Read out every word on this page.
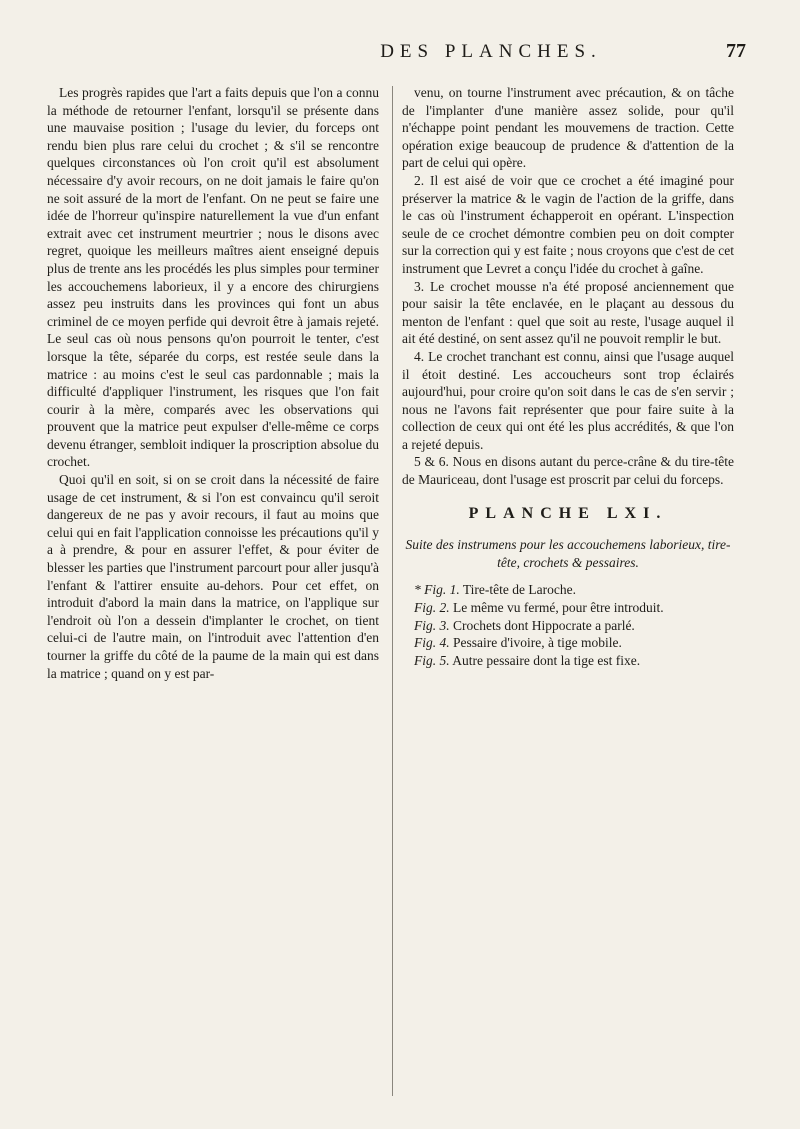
DES PLANCHES.	77

Les progrès rapides que l'art a faits depuis que l'on a connu la méthode de retourner l'enfant, lorsqu'il se présente dans une mauvaise position ; l'usage du levier, du forceps ont rendu bien plus rare celui du crochet ; & s'il se rencontre quelques circonstances où l'on croit qu'il est absolument nécessaire d'y avoir recours, on ne doit jamais le faire qu'on ne soit assuré de la mort de l'enfant. On ne peut se faire une idée de l'horreur qu'inspire naturellement la vue d'un enfant extrait avec cet instrument meurtrier ; nous le disons avec regret, quoique les meilleurs maîtres aient enseigné depuis plus de trente ans les procédés les plus simples pour terminer les accouchemens laborieux, il y a encore des chirurgiens assez peu instruits dans les provinces qui font un abus criminel de ce moyen perfide qui devroit être à jamais rejeté. Le seul cas où nous pensons qu'on pourroit le tenter, c'est lorsque la tête, séparée du corps, est restée seule dans la matrice : au moins c'est le seul cas pardonnable ; mais la difficulté d'appliquer l'instrument, les risques que l'on fait courir à la mère, comparés avec les observations qui prouvent que la matrice peut expulser d'elle-même ce corps devenu étranger, sembloit indiquer la proscription absolue du crochet.

Quoi qu'il en soit, si on se croit dans la nécessité de faire usage de cet instrument, & si l'on est convaincu qu'il seroit dangereux de ne pas y avoir recours, il faut au moins que celui qui en fait l'application connoisse les précautions qu'il y a à prendre, & pour en assurer l'effet, & pour éviter de blesser les parties que l'instrument parcourt pour aller jusqu'à l'enfant & l'attirer ensuite au-dehors. Pour cet effet, on introduit d'abord la main dans la matrice, on l'applique sur l'endroit où l'on a dessein d'implanter le crochet, on tient celui-ci de l'autre main, on l'introduit avec l'attention d'en tourner la griffe du côté de la paume de la main qui est dans la matrice ; quand on y est par-

venu, on tourne l'instrument avec précaution, & on tâche de l'implanter d'une manière assez solide, pour qu'il n'échappe point pendant les mouvemens de traction. Cette opération exige beaucoup de prudence & d'attention de la part de celui qui opère.

2. Il est aisé de voir que ce crochet a été imaginé pour préserver la matrice & le vagin de l'action de la griffe, dans le cas où l'instrument échapperoit en opérant. L'inspection seule de ce crochet démontre combien peu on doit compter sur la correction qui y est faite ; nous croyons que c'est de cet instrument que Levret a conçu l'idée du crochet à gaîne.

3. Le crochet mousse n'a été proposé anciennement que pour saisir la tête enclavée, en le plaçant au dessous du menton de l'enfant : quel que soit au reste, l'usage auquel il ait été destiné, on sent assez qu'il ne pouvoit remplir le but.

4. Le crochet tranchant est connu, ainsi que l'usage auquel il étoit destiné. Les accoucheurs sont trop éclairés aujourd'hui, pour croire qu'on soit dans le cas de s'en servir ; nous ne l'avons fait représenter que pour faire suite à la collection de ceux qui ont été les plus accrédités, & que l'on a rejeté depuis.

5 & 6. Nous en disons autant du perce-crâne & du tire-tête de Mauriceau, dont l'usage est proscrit par celui du forceps.

PLANCHE LXI.
Suite des instrumens pour les accouchemens laborieux, tire-tête, crochets & pessaires.

* Fig. 1. Tire-tête de Laroche.

Fig. 2. Le même vu fermé, pour être introduit.

Fig. 3. Crochets dont Hippocrate a parlé.

Fig. 4. Pessaire d'ivoire, à tige mobile.

Fig. 5. Autre pessaire dont la tige est fixe.
